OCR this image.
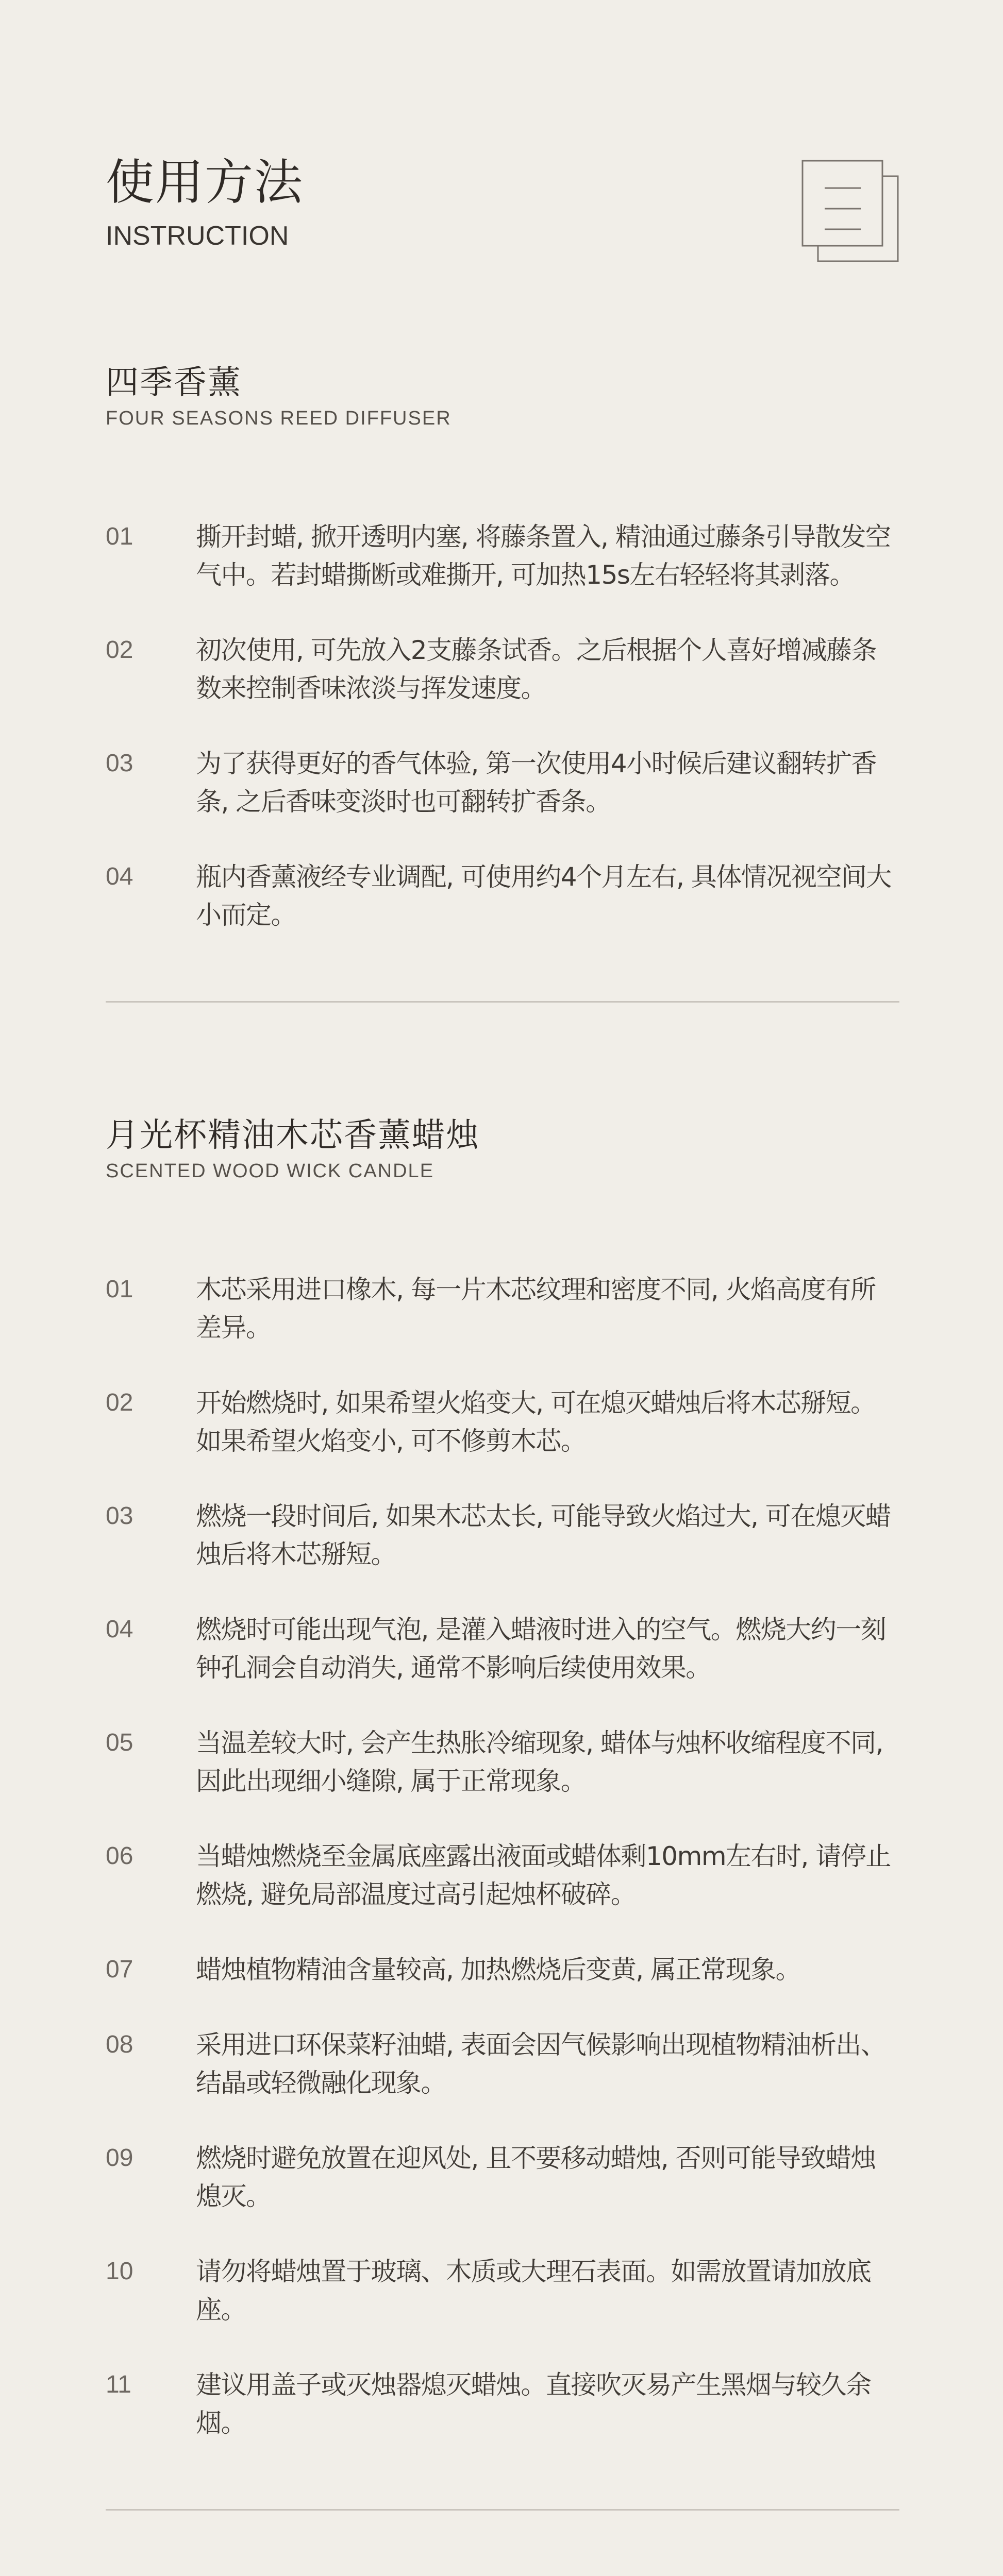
使用方法
INSTRUCTION
四季香薰
FOUR SEASONS REED DIFFUSER
01	撕开封蜡, 掀开透明内塞, 将藤条置入, 精油通过藤条引导散发空气中。若封蜡撕断或难撕开, 可加热15s左右轻轻将其剥落。
02	初次使用, 可先放入2支藤条试香。之后根据个人喜好增减藤条数来控制香味浓淡与挥发速度。
03	为了获得更好的香气体验, 第一次使用4小时候后建议翻转扩香条, 之后香味变淡时也可翻转扩香条。
04	瓶内香薰液经专业调配, 可使用约4个月左右, 具体情况视空间大小而定。
月光杯精油木芯香薰蜡烛
SCENTED WOOD WICK CANDLE
01	木芯采用进口橡木, 每一片木芯纹理和密度不同, 火焰高度有所差异。
02	开始燃烧时, 如果希望火焰变大, 可在熄灭蜡烛后将木芯掰短。如果希望火焰变小, 可不修剪木芯。
03	燃烧一段时间后, 如果木芯太长, 可能导致火焰过大, 可在熄灭蜡烛后将木芯掰短。
04	燃烧时可能出现气泡, 是灌入蜡液时进入的空气。燃烧大约一刻钟孔洞会自动消失, 通常不影响后续使用效果。
05	当温差较大时, 会产生热胀冷缩现象, 蜡体与烛杯收缩程度不同, 因此出现细小缝隙, 属于正常现象。
06	当蜡烛燃烧至金属底座露出液面或蜡体剩10mm左右时, 请停止燃烧, 避免局部温度过高引起烛杯破碎。
07	蜡烛植物精油含量较高, 加热燃烧后变黄, 属正常现象。
08	采用进口环保菜籽油蜡, 表面会因气候影响出现植物精油析出、结晶或轻微融化现象。
09	燃烧时避免放置在迎风处, 且不要移动蜡烛, 否则可能导致蜡烛熄灭。
10	请勿将蜡烛置于玻璃、木质或大理石表面。如需放置请加放底座。
11	建议用盖子或灭烛器熄灭蜡烛。直接吹灭易产生黑烟与较久余烟。
